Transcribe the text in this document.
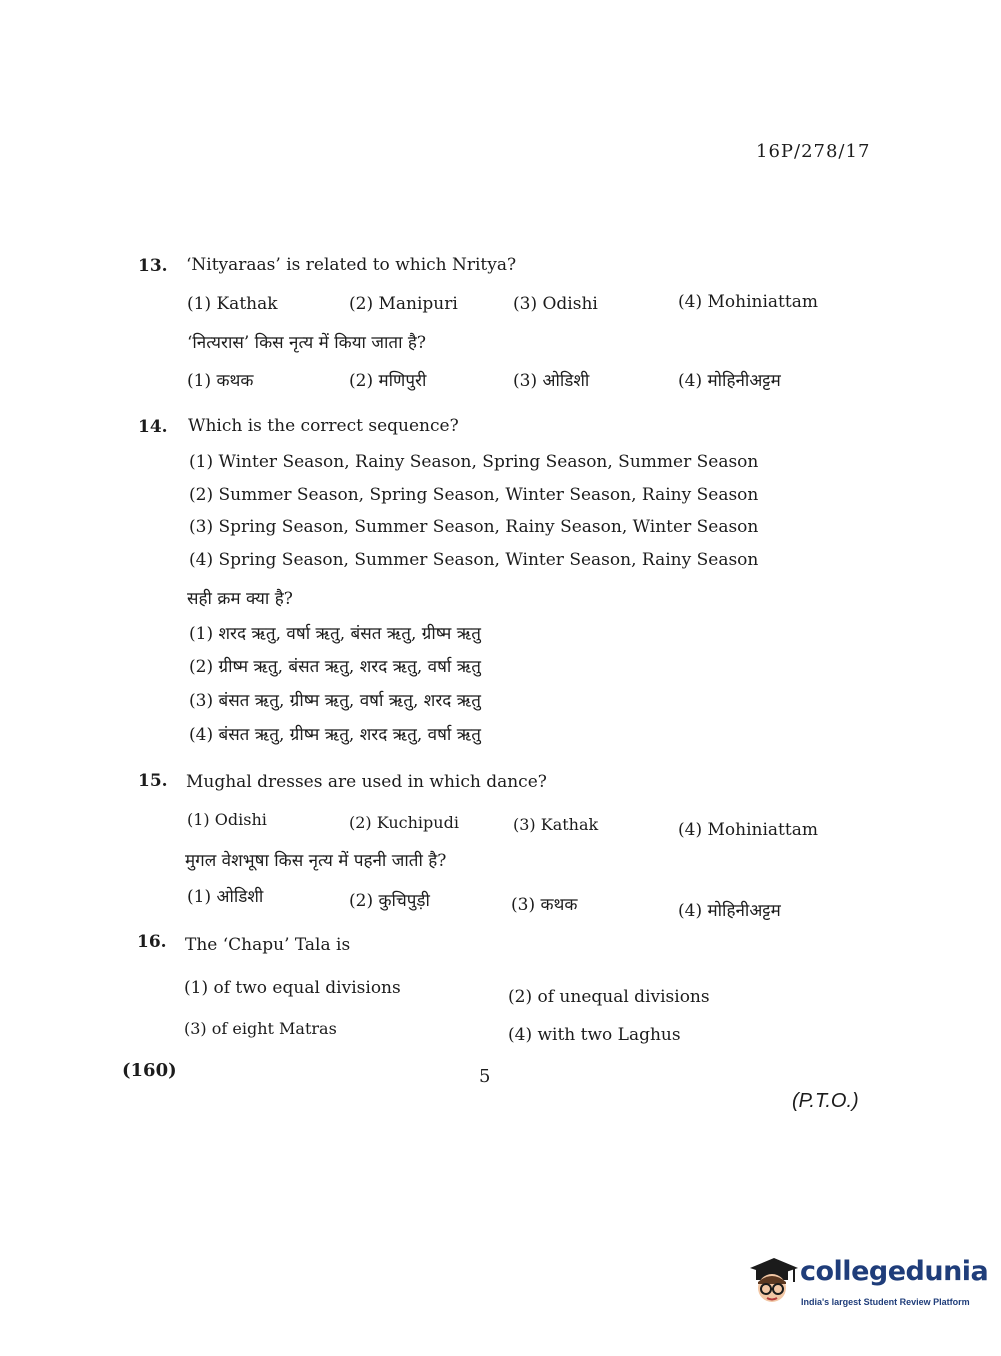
16P/278/17
13. ‘Nityaraas’ is related to which Nritya?
(1) Kathak	(2) Manipuri	(3) Odishi	(4) Mohiniattam
‘नित्यरास’ किस नृत्य में किया जाता है?
(1) कथक	(2) मणिपुरी	(3) ओडिशी	(4) मोहिनीअट्टम
14. Which is the correct sequence?
(1) Winter Season, Rainy Season, Spring Season, Summer Season
(2) Summer Season, Spring Season, Winter Season, Rainy Season
(3) Spring Season, Summer Season, Rainy Season, Winter Season
(4) Spring Season, Summer Season, Winter Season, Rainy Season
सही क्रम क्या है?
(1) शरद ऋतु, वर्षा ऋतु, बंसत ऋतु, ग्रीष्म ऋतु
(2) ग्रीष्म ऋतु, बंसत ऋतु, शरद ऋतु, वर्षा ऋतु
(3) बंसत ऋतु, ग्रीष्म ऋतु, वर्षा ऋतु, शरद ऋतु
(4) बंसत ऋतु, ग्रीष्म ऋतु, शरद ऋतु, वर्षा ऋतु
15. Mughal dresses are used in which dance?
(1) Odishi	(2) Kuchipudi	(3) Kathak	(4) Mohiniattam
मुगल वेशभूषा किस नृत्य में पहनी जाती है?
(1) ओडिशी	(2) कुचिपुड़ी	(3) कथक	(4) मोहिनीअट्टम
16. The ‘Chapu’ Tala is
(1) of two equal divisions	(2) of unequal divisions
(3) of eight Matras	(4) with two Laghus
(160)	5
(P.T.O.)
collegedunia
India's largest Student Review Platform
